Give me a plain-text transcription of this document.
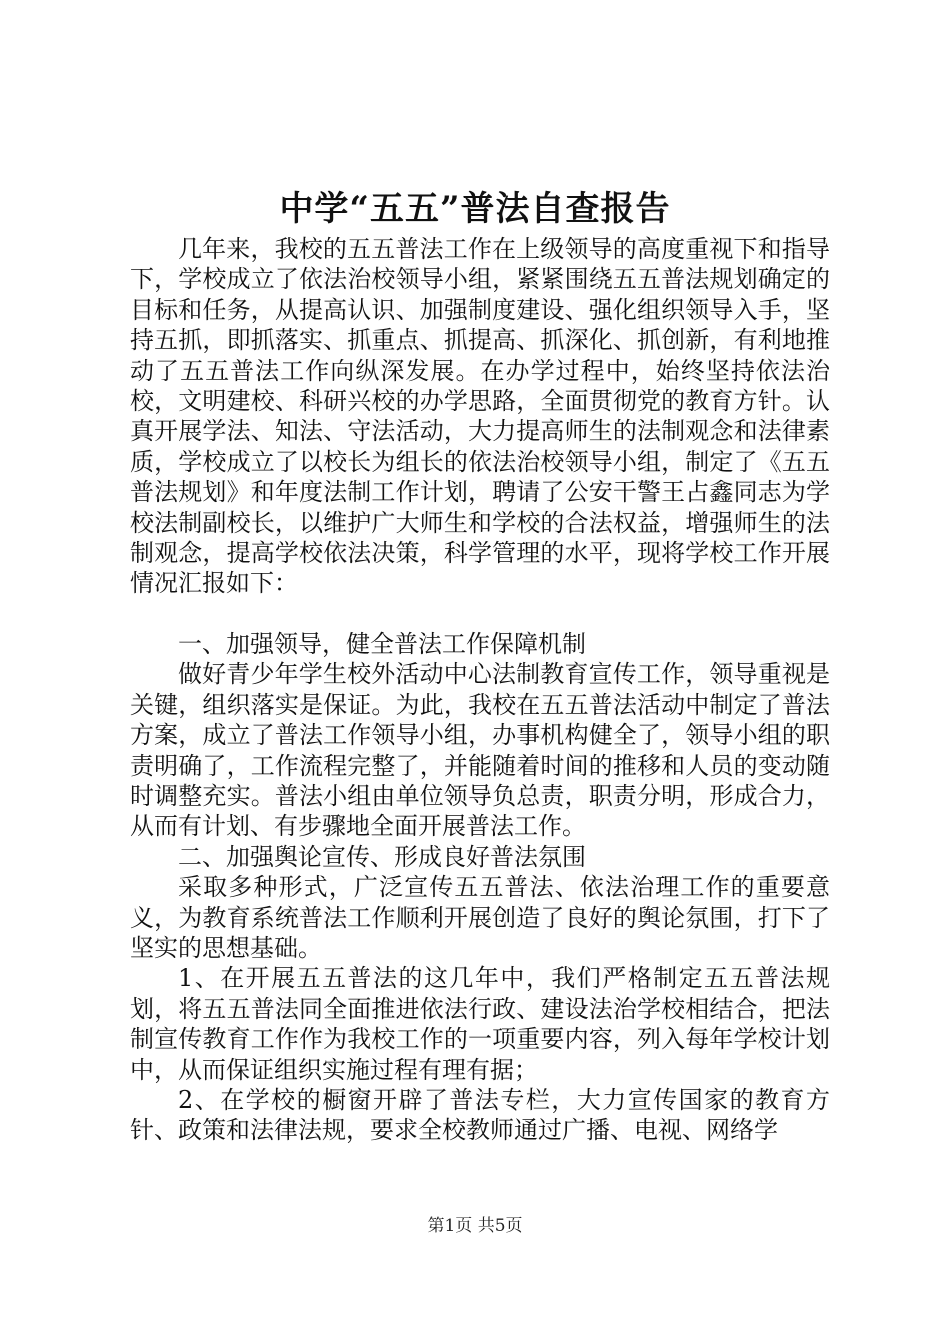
中学“五五”普法自查报告

几年来，我校的五五普法工作在上级领导的高度重视下和指导下，学校成立了依法治校领导小组，紧紧围绕五五普法规划确定的目标和任务，从提高认识、加强制度建设、强化组织领导入手，坚持五抓，即抓落实、抓重点、抓提高、抓深化、抓创新，有利地推动了五五普法工作向纵深发展。在办学过程中，始终坚持依法治校，文明建校、科研兴校的办学思路，全面贯彻党的教育方针。认真开展学法、知法、守法活动，大力提高师生的法制观念和法律素质，学校成立了以校长为组长的依法治校领导小组，制定了《五五普法规划》和年度法制工作计划，聘请了公安干警王占鑫同志为学校法制副校长，以维护广大师生和学校的合法权益，增强师生的法制观念，提高学校依法决策，科学管理的水平，现将学校工作开展情况汇报如下：

一、加强领导，健全普法工作保障机制

做好青少年学生校外活动中心法制教育宣传工作，领导重视是关键，组织落实是保证。为此，我校在五五普法活动中制定了普法方案，成立了普法工作领导小组，办事机构健全了，领导小组的职责明确了，工作流程完整了，并能随着时间的推移和人员的变动随时调整充实。普法小组由单位领导负总责，职责分明，形成合力，从而有计划、有步骤地全面开展普法工作。

二、加强舆论宣传、形成良好普法氛围

采取多种形式，广泛宣传五五普法、依法治理工作的重要意义，为教育系统普法工作顺利开展创造了良好的舆论氛围，打下了坚实的思想基础。

1、在开展五五普法的这几年中，我们严格制定五五普法规划，将五五普法同全面推进依法行政、建设法治学校相结合，把法制宣传教育工作作为我校工作的一项重要内容，列入每年学校计划中，从而保证组织实施过程有理有据；

2、在学校的橱窗开辟了普法专栏，大力宣传国家的教育方针、政策和法律法规，要求全校教师通过广播、电视、网络学

第1页 共5页
